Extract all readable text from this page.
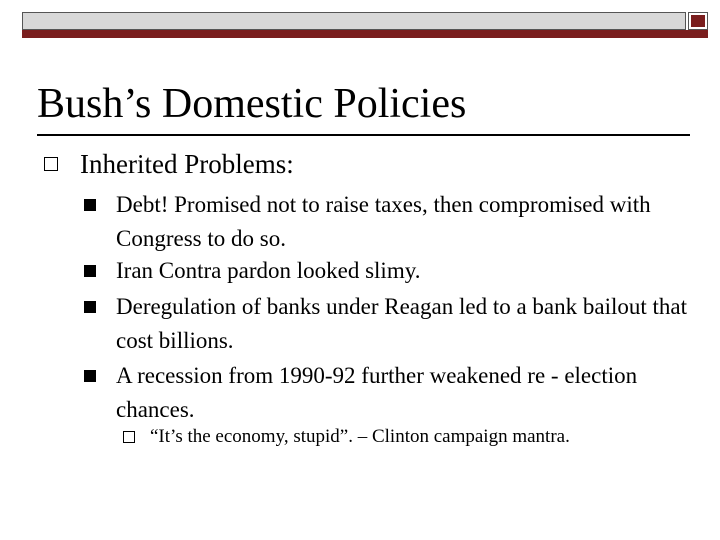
Bush’s Domestic Policies
Inherited Problems:
Debt! Promised not to raise taxes, then compromised with Congress to do so.
Iran Contra pardon looked slimy.
Deregulation of banks under Reagan led to a bank bailout that cost billions.
A recession from 1990-92 further weakened re - election chances.
“It’s the economy, stupid”. – Clinton campaign mantra.
